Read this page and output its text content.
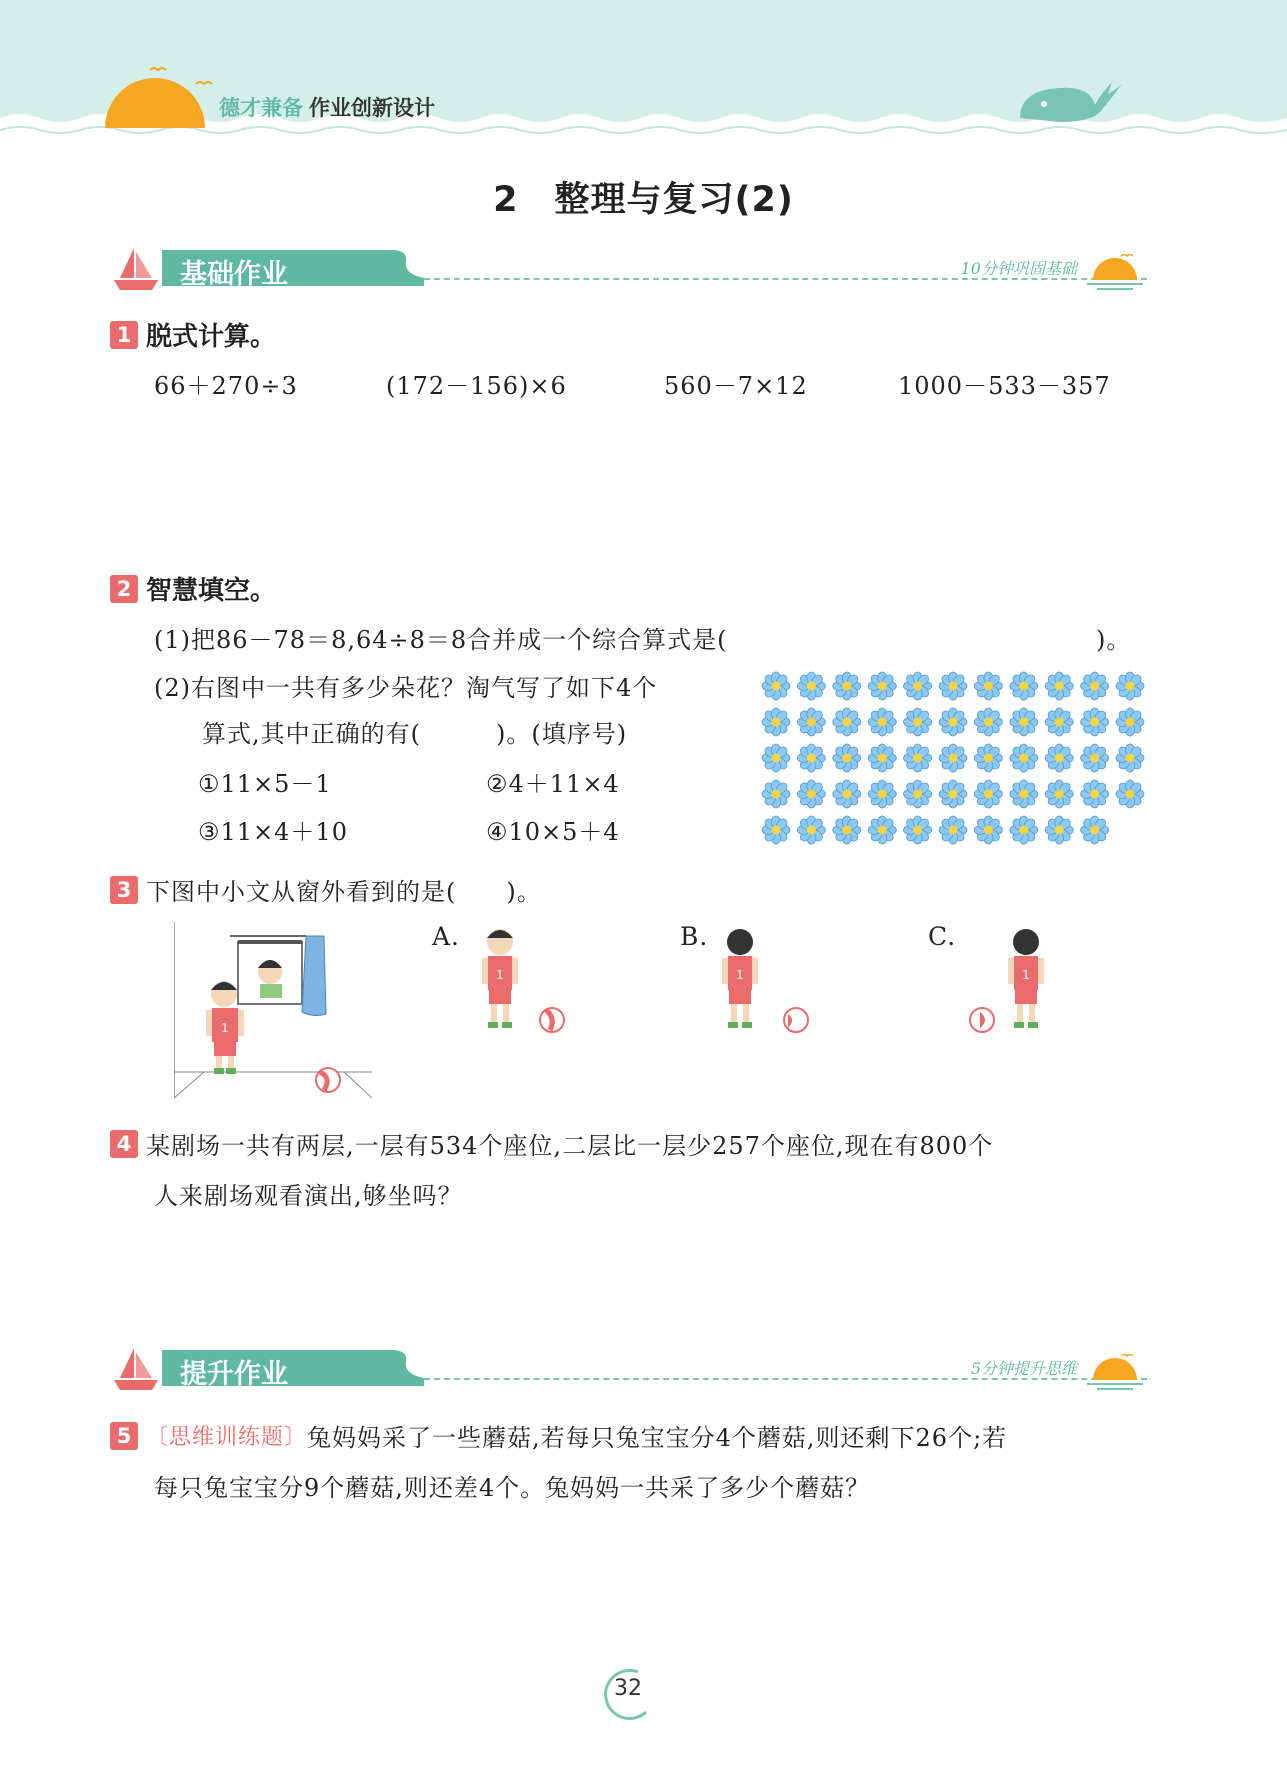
德才兼备 作业创新设计
2　整理与复习(2)
基础作业	10分钟巩固基础
1 脱式计算。
66＋270÷3	(172－156)×6	560－7×12	1000－533－357
2 智慧填空。
(1)把86－78＝8,64÷8＝8合并成一个综合算式是(	)。
(2)右图中一共有多少朵花？淘气写了如下4个
算式,其中正确的有(　　　)。(填序号)
①11×5－1	②4＋11×4
③11×4＋10	④10×5＋4
3 下图中小文从窗外看到的是(　　)。
1
A.	B.	C.
1	1	1
4 某剧场一共有两层,一层有534个座位,二层比一层少257个座位,现在有800个
人来剧场观看演出,够坐吗？
提升作业	5分钟提升思维
5 〔思维训练题〕兔妈妈采了一些蘑菇,若每只兔宝宝分4个蘑菇,则还剩下26个;若
每只兔宝宝分9个蘑菇,则还差4个。兔妈妈一共采了多少个蘑菇？
32
